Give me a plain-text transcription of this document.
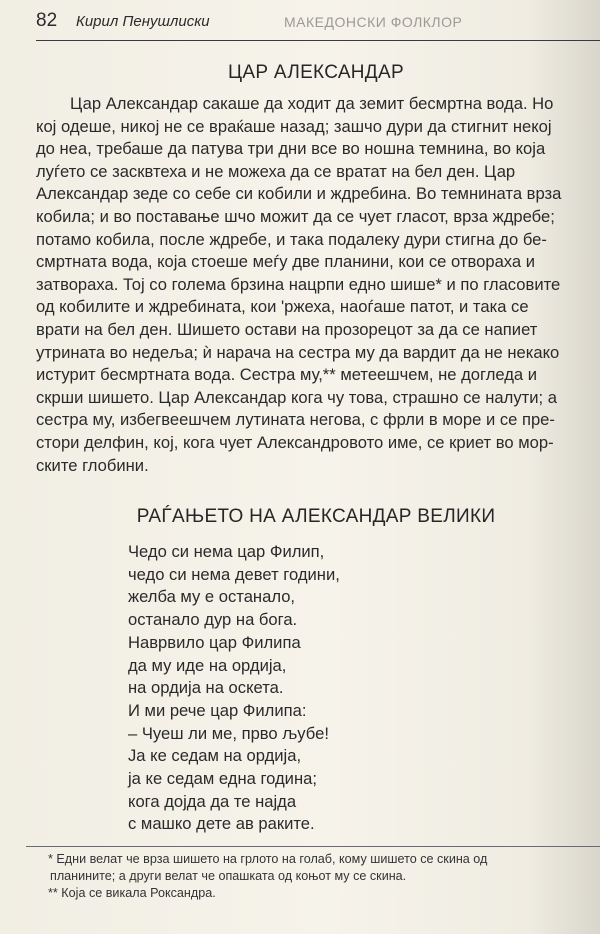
82 Кирил Пенушлиски	МАКЕДОНСКИ ФОЛКЛОР
ЦАР АЛЕКСАНДАР
Цар Александар сакаше да ходит да земит бесмртна вода. Но
кој одеше, никој не се враќаше назад; зашчо дури да стигнит некој
до неа, требаше да патува три дни все во ношна темнина, во која
луѓето се засквтеха и не можеха да се вратат на бел ден. Цар
Александар зеде со себе си кобили и ждребина. Во темнината врза
кобила; и во поставање шчо можит да се чует гласот, врза ждребе;
потамо кобила, после ждребе, и така подалеку дури стигна до бе-
смртната вода, која стоеше меѓу две планини, кои се отвораха и
затвораха. Тој со голема брзина нацрпи едно шише* и по гласовите
од кобилите и ждребината, кои 'ржеха, наоѓаше патот, и така се
врати на бел ден. Шишето остави на прозорецот за да се напиет
утрината во недеља; ѝ нарача на сестра му да вардит да не некако
истурит бесмртната вода. Сестра му,** метеешчем, не догледа и
скрши шишето. Цар Александар кога чу това, страшно се налути; а
сестра му, избегвеешчем лутината негова, с фрли в море и се пре-
стори делфин, кој, кога чует Александровото име, се криет во мор-
ските глобини.
РАЃАЊЕТО НА АЛЕКСАНДАР ВЕЛИКИ
Чедо си нема цар Филип,
чедо си нема девет години,
желба му е останало,
останало дур на бога.
Наврвило цар Филипа
да му иде на ордија,
на ордија на оскета.
И ми рече цар Филипа:
– Чуеш ли ме, прво љубе!
Ја ке седам на ордија,
ја ке седам една година;
кога дојда да те најда
с машко дете ав раките.
* Едни велат че врза шишето на грлото на голаб, кому шишето се скина од
планините; а други велат че опашката од коњот му се скина.
** Која се викала Роксандра.
